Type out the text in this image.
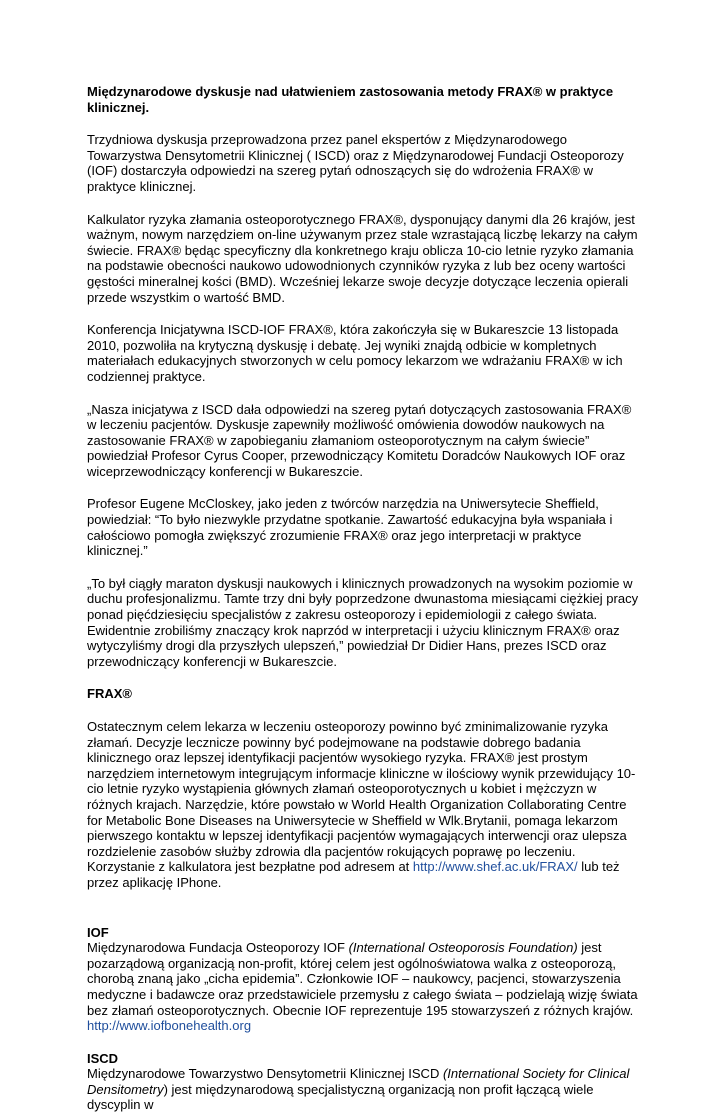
Międzynarodowe dyskusje nad ułatwieniem zastosowania metody FRAX® w praktyce klinicznej.

Trzydniowa dyskusja przeprowadzona przez panel ekspertów z Międzynarodowego Towarzystwa Densytometrii Klinicznej ( ISCD) oraz z Międzynarodowej Fundacji Osteoporozy (IOF) dostarczyła odpowiedzi na szereg pytań odnoszących się do wdrożenia FRAX® w praktyce klinicznej.

Kalkulator ryzyka złamania osteoporotycznego FRAX®, dysponujący danymi dla 26 krajów, jest ważnym, nowym narzędziem on-line używanym przez stale wzrastającą liczbę lekarzy na całym świecie. FRAX® będąc specyficzny dla konkretnego kraju oblicza 10-cio letnie ryzyko złamania na podstawie obecności naukowo udowodnionych czynników ryzyka z lub bez oceny wartości gęstości mineralnej kości (BMD). Wcześniej lekarze swoje decyzje dotyczące leczenia opierali przede wszystkim o wartość BMD.

Konferencja Inicjatywna ISCD-IOF FRAX®, która zakończyła się w Bukareszcie 13 listopada 2010, pozwoliła na krytyczną dyskusję i debatę. Jej wyniki znajdą odbicie w kompletnych materiałach edukacyjnych stworzonych w celu pomocy lekarzom we wdrażaniu FRAX® w ich codziennej praktyce.

„Nasza inicjatywa z ISCD dała odpowiedzi na szereg pytań dotyczących zastosowania FRAX® w leczeniu pacjentów. Dyskusje zapewniły możliwość omówienia dowodów naukowych na zastosowanie FRAX® w zapobieganiu złamaniom osteoporotycznym na całym świecie” powiedział Profesor Cyrus Cooper, przewodniczący Komitetu Doradców Naukowych IOF oraz wiceprzewodniczący konferencji w Bukareszcie.

Profesor Eugene McCloskey, jako jeden z twórców narzędzia na Uniwersytecie Sheffield, powiedział: “To było niezwykle przydatne spotkanie. Zawartość edukacyjna była wspaniała i całościowo pomogła zwiększyć zrozumienie FRAX® oraz jego interpretacji w praktyce klinicznej.”

„To był ciągły maraton dyskusji naukowych i klinicznych prowadzonych na wysokim poziomie w duchu profesjonalizmu. Tamte trzy dni były poprzedzone dwunastoma miesiącami ciężkiej pracy ponad pięćdziesięciu specjalistów z zakresu osteoporozy i epidemiologii z całego świata. Ewidentnie zrobiliśmy znaczący krok naprzód w interpretacji i użyciu klinicznym FRAX® oraz wytyczyliśmy drogi dla przyszłych ulepszeń,” powiedział Dr Didier Hans, prezes ISCD oraz przewodniczący konferencji w Bukareszcie.

FRAX®

Ostatecznym celem lekarza w leczeniu osteoporozy powinno być zminimalizowanie ryzyka złamań. Decyzje lecznicze powinny być podejmowane na podstawie dobrego badania klinicznego oraz lepszej identyfikacji pacjentów wysokiego ryzyka. FRAX® jest prostym narzędziem internetowym integrującym informacje kliniczne w ilościowy wynik przewidujący 10-cio letnie ryzyko wystąpienia głównych złamań osteoporotycznych u kobiet i mężczyzn w różnych krajach. Narzędzie, które powstało w World Health Organization Collaborating Centre for Metabolic Bone Diseases na Uniwersytecie w Sheffield w Wlk.Brytanii, pomaga lekarzom pierwszego kontaktu w lepszej identyfikacji pacjentów wymagających interwencji oraz ulepsza rozdzielenie zasobów służby zdrowia dla pacjentów rokujących poprawę po leczeniu. Korzystanie z kalkulatora jest bezpłatne pod adresem at http://www.shef.ac.uk/FRAX/ lub też przez aplikację IPhone.

IOF

Międzynarodowa Fundacja Osteoporozy IOF (International Osteoporosis Foundation) jest pozarządową organizacją non-profit, której celem jest ogólnoświatowa walka z osteoporozą, chorobą znaną jako „cicha epidemia”. Członkowie IOF – naukowcy, pacjenci, stowarzyszenia medyczne i badawcze oraz przedstawiciele przemysłu z całego świata – podzielają wizję świata bez złamań osteoporotycznych. Obecnie IOF reprezentuje 195 stowarzyszeń z różnych krajów.

http://www.iofbonehealth.org

ISCD

Międzynarodowe Towarzystwo Densytometrii Klinicznej ISCD (International Society for Clinical Densitometry) jest międzynarodową specjalistyczną organizacją non profit łączącą wiele dyscyplin w
